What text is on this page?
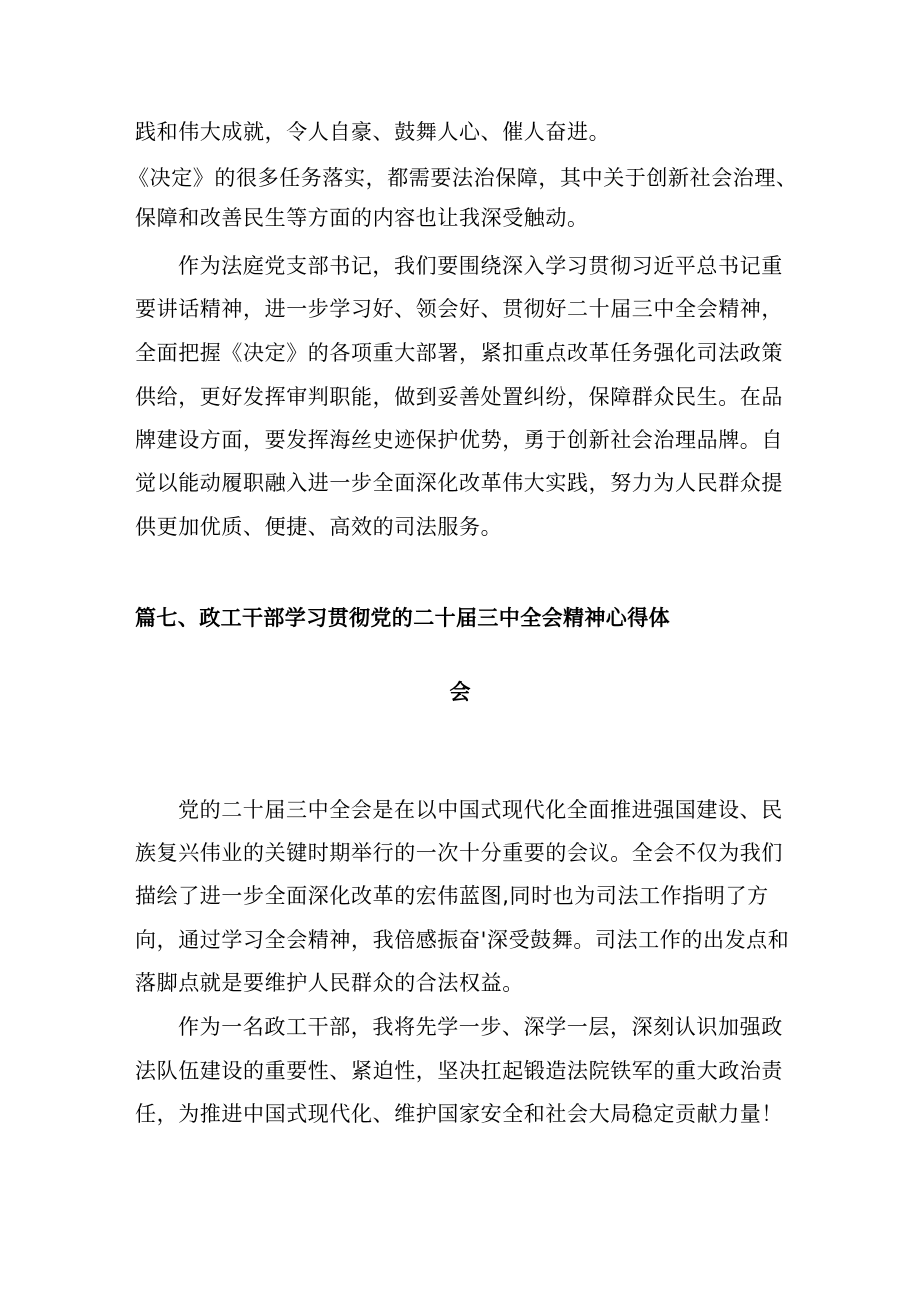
践和伟大成就，令人自豪、鼓舞人心、催人奋进。

《决定》的很多任务落实，都需要法治保障，其中关于创新社会治理、

保障和改善民生等方面的内容也让我深受触动。

作为法庭党支部书记，我们要围绕深入学习贯彻习近平总书记重

要讲话精神，进一步学习好、领会好、贯彻好二十届三中全会精神，

全面把握《决定》的各项重大部署，紧扣重点改革任务强化司法政策

供给，更好发挥审判职能，做到妥善处置纠纷，保障群众民生。在品

牌建设方面，要发挥海丝史迹保护优势，勇于创新社会治理品牌。自

觉以能动履职融入进一步全面深化改革伟大实践，努力为人民群众提

供更加优质、便捷、高效的司法服务。

篇七、政工干部学习贯彻党的二十届三中全会精神心得体

会

党的二十届三中全会是在以中国式现代化全面推进强国建设、民

族复兴伟业的关键时期举行的一次十分重要的会议。全会不仅为我们

描绘了进一步全面深化改革的宏伟蓝图,同时也为司法工作指明了方

向，通过学习全会精神，我倍感振奋'深受鼓舞。司法工作的出发点和

落脚点就是要维护人民群众的合法权益。

作为一名政工干部，我将先学一步、深学一层，深刻认识加强政

法队伍建设的重要性、紧迫性，坚决扛起锻造法院铁军的重大政治责

任，为推进中国式现代化、维护国家安全和社会大局稳定贡献力量！
